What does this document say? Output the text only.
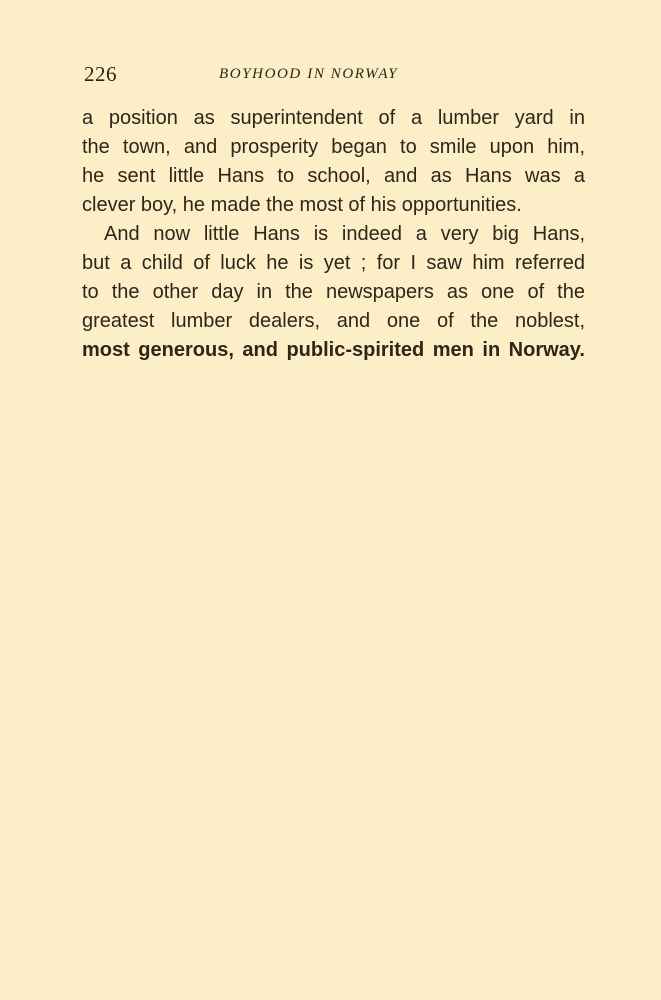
226	BOYHOOD IN NORWAY
a position as superintendent of a lumber yard in
the town, and prosperity began to smile upon him,
he sent little Hans to school, and as Hans was a
clever boy, he made the most of his opportunities.
And now little Hans is indeed a very big Hans,
but a child of luck he is yet ; for I saw him referred
to the other day in the newspapers as one of the
greatest lumber dealers, and one of the noblest,
most generous, and public-spirited men in Norway.
